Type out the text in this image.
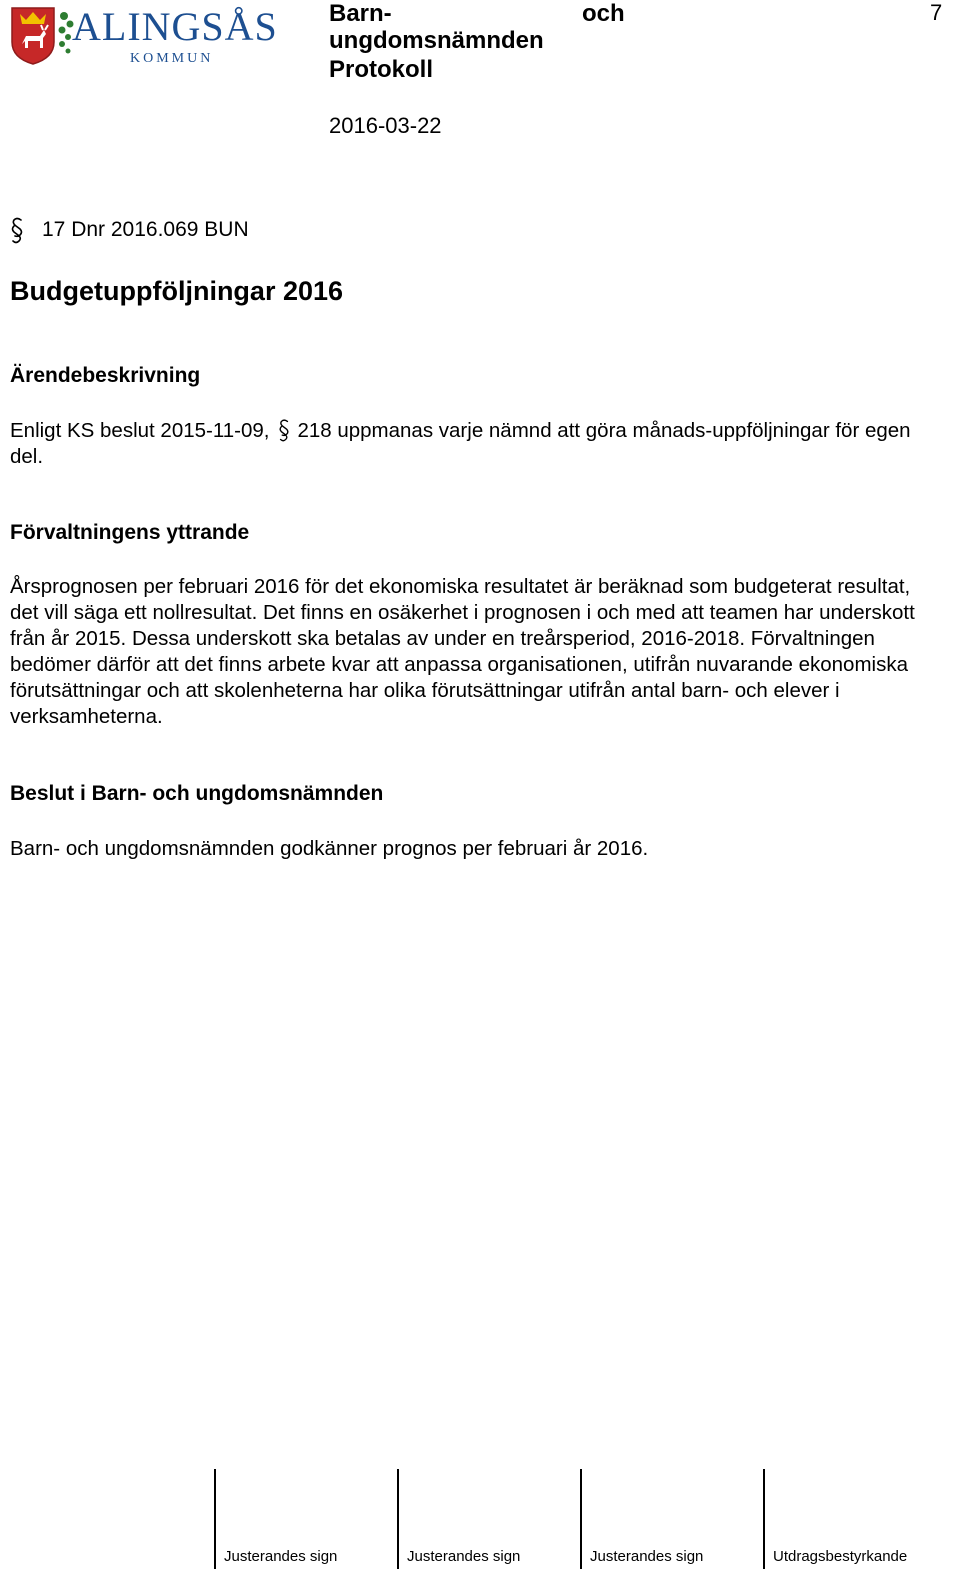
ALINGSÅS
KOMMUN
Barn-	och
ungdomsnämnden
Protokoll
7
2016-03-22
17
Dnr 2016.069 BUN
Budgetuppföljningar 2016
Ärendebeskrivning
Enligt KS beslut 2015-11-09, 218 uppmanas varje nämnd att göra månads-uppföljningar för egen del.
Förvaltningens yttrande
Årsprognosen per februari 2016 för det ekonomiska resultatet är beräknad som budgeterat resultat, det vill säga ett nollresultat. Det finns en osäkerhet i prognosen i och med att teamen har underskott från år 2015. Dessa underskott ska betalas av under en treårsperiod, 2016-2018. Förvaltningen bedömer därför att det finns arbete kvar att anpassa organisationen, utifrån nuvarande ekonomiska förutsättningar och att skolenheterna har olika förutsättningar utifrån antal barn- och elever i verksamheterna.
Beslut i Barn- och ungdomsnämnden
Barn- och ungdomsnämnden godkänner prognos per februari år 2016.
Justerandes sign	Justerandes sign	Justerandes sign	Utdragsbestyrkande
